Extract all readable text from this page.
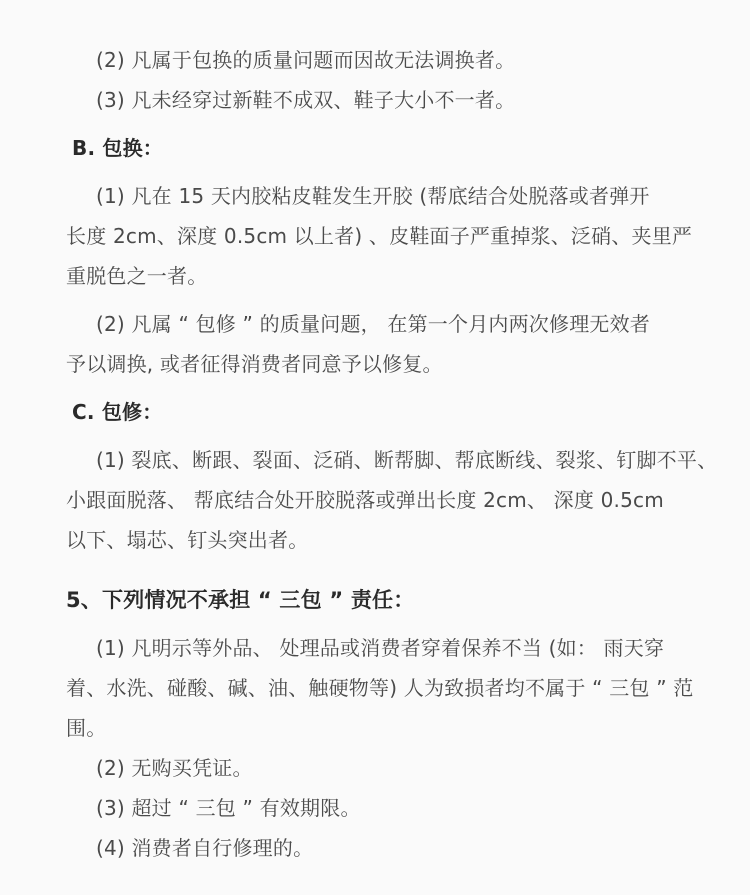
(2) 凡属于包换的质量问题而因故无法调换者。
(3) 凡未经穿过新鞋不成双、鞋子大小不一者。
B. 包换：
(1) 凡在 15 天内胶粘皮鞋发生开胶 (帮底结合处脱落或者弹开
长度 2cm、深度 0.5cm 以上者) 、皮鞋面子严重掉浆、泛硝、夹里严
重脱色之一者。
(2) 凡属 “ 包修 ” 的质量问题， 在第一个月内两次修理无效者
予以调换, 或者征得消费者同意予以修复。
C. 包修：
(1) 裂底、断跟、裂面、泛硝、断帮脚、帮底断线、裂浆、钉脚不平、
小跟面脱落、 帮底结合处开胶脱落或弹出长度 2cm、 深度 0.5cm
以下、塌芯、钉头突出者。
5、下列情况不承担 “ 三包 ” 责任：
(1) 凡明示等外品、 处理品或消费者穿着保养不当 (如： 雨天穿
着、水洗、碰酸、碱、油、触硬物等) 人为致损者均不属于 “ 三包 ” 范
围。
(2) 无购买凭证。
(3) 超过 “ 三包 ” 有效期限。
(4) 消费者自行修理的。
